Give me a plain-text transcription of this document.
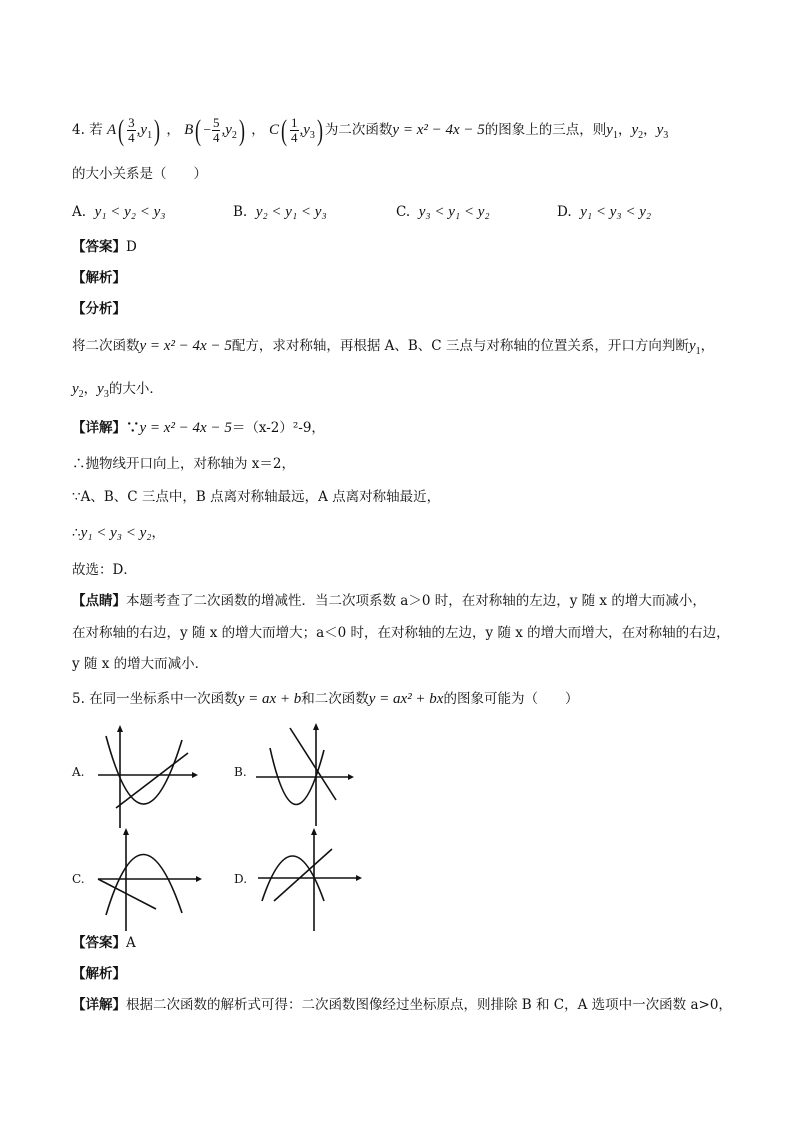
4. 若 $A( \frac{3}{4} ,y_1)$ ， $B( - \frac{5}{4} ,y_2)$ ， $C( \frac{1}{4} ,y_3)$ 为二次函数y = x² − 4x − 5的图象上的三点，则$y_1$，$y_2$，$y_3$
的大小关系是（　　）
A. y₁ < y₂ < y₃	B. y₂ < y₁ < y₃	C. y₃ < y₁ < y₂	D. y₁ < y₃ < y₂
【答案】D
【解析】
【分析】
将二次函数y = x² − 4x − 5配方，求对称轴，再根据 A、B、C 三点与对称轴的位置关系，开口方向判断$y_1$，
$y_2$，$y_3$的大小．
【详解】∵y = x² − 4x − 5＝（x-2）²-9，
∴抛物线开口向上，对称轴为 x＝2，
∵A、B、C 三点中，B 点离对称轴最远，A 点离对称轴最近，
∴y₁ < y₃ < y₂，
故选：D．
【点睛】本题考查了二次函数的增减性．当二次项系数 a＞0 时，在对称轴的左边，y 随 x 的增大而减小，
在对称轴的右边，y 随 x 的增大而增大；a＜0 时，在对称轴的左边，y 随 x 的增大而增大，在对称轴的右边，
y 随 x 的增大而减小．
5. 在同一坐标系中一次函数y = ax + b和二次函数y = ax² + bx的图象可能为（　　）
A.	B.
C.	D.
【答案】A
【解析】
【详解】根据二次函数的解析式可得：二次函数图像经过坐标原点，则排除 B 和 C，A 选项中一次函数 a>0，
